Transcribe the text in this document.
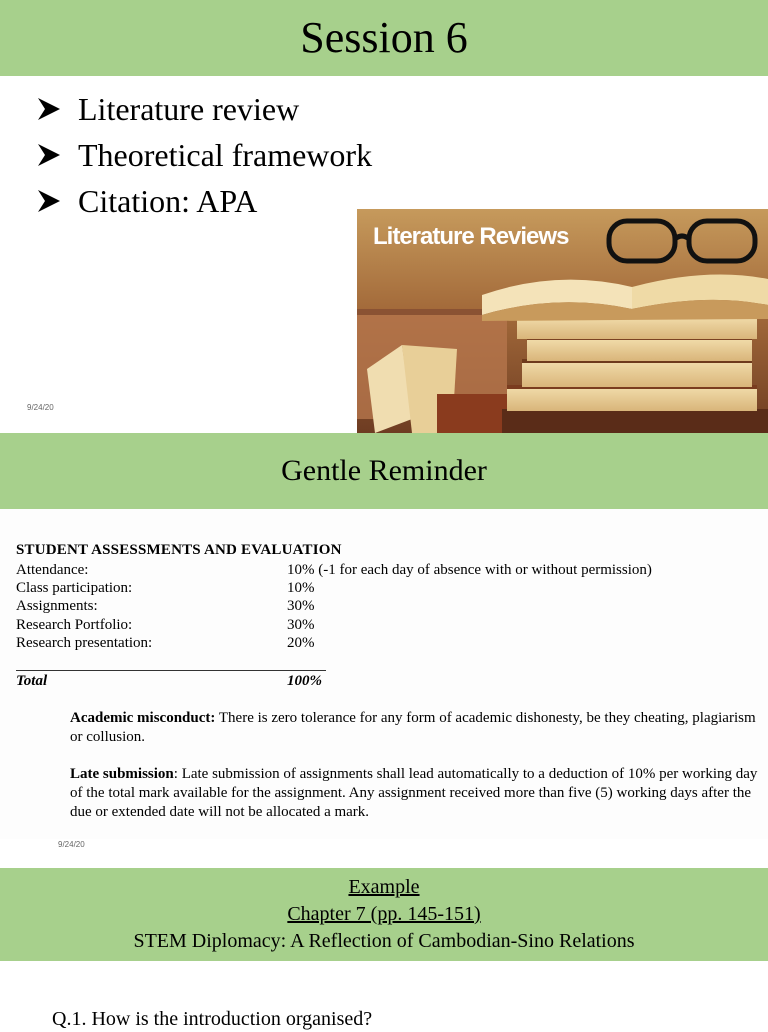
Session 6
Literature review
Theoretical framework
Citation: APA
Literature Reviews
9/24/20
Gentle Reminder
STUDENT ASSESSMENTS AND EVALUATION
Attendance:	10% (-1 for each day of absence with or without permission)
Class participation:	10%
Assignments:	30%
Research Portfolio:	30%
Research presentation:	20%
Total	100%
Academic misconduct: There is zero tolerance for any form of academic dishonesty, be they cheating, plagiarism or collusion.
Late submission: Late submission of assignments shall lead automatically to a deduction of 10% per working day of the total mark available for the assignment. Any assignment received more than five (5) working days after the due or extended date will not be allocated a mark.
9/24/20
Example
Chapter 7 (pp. 145-151)
STEM Diplomacy: A Reflection of Cambodian-Sino Relations
Q.1. How is the introduction organised?
